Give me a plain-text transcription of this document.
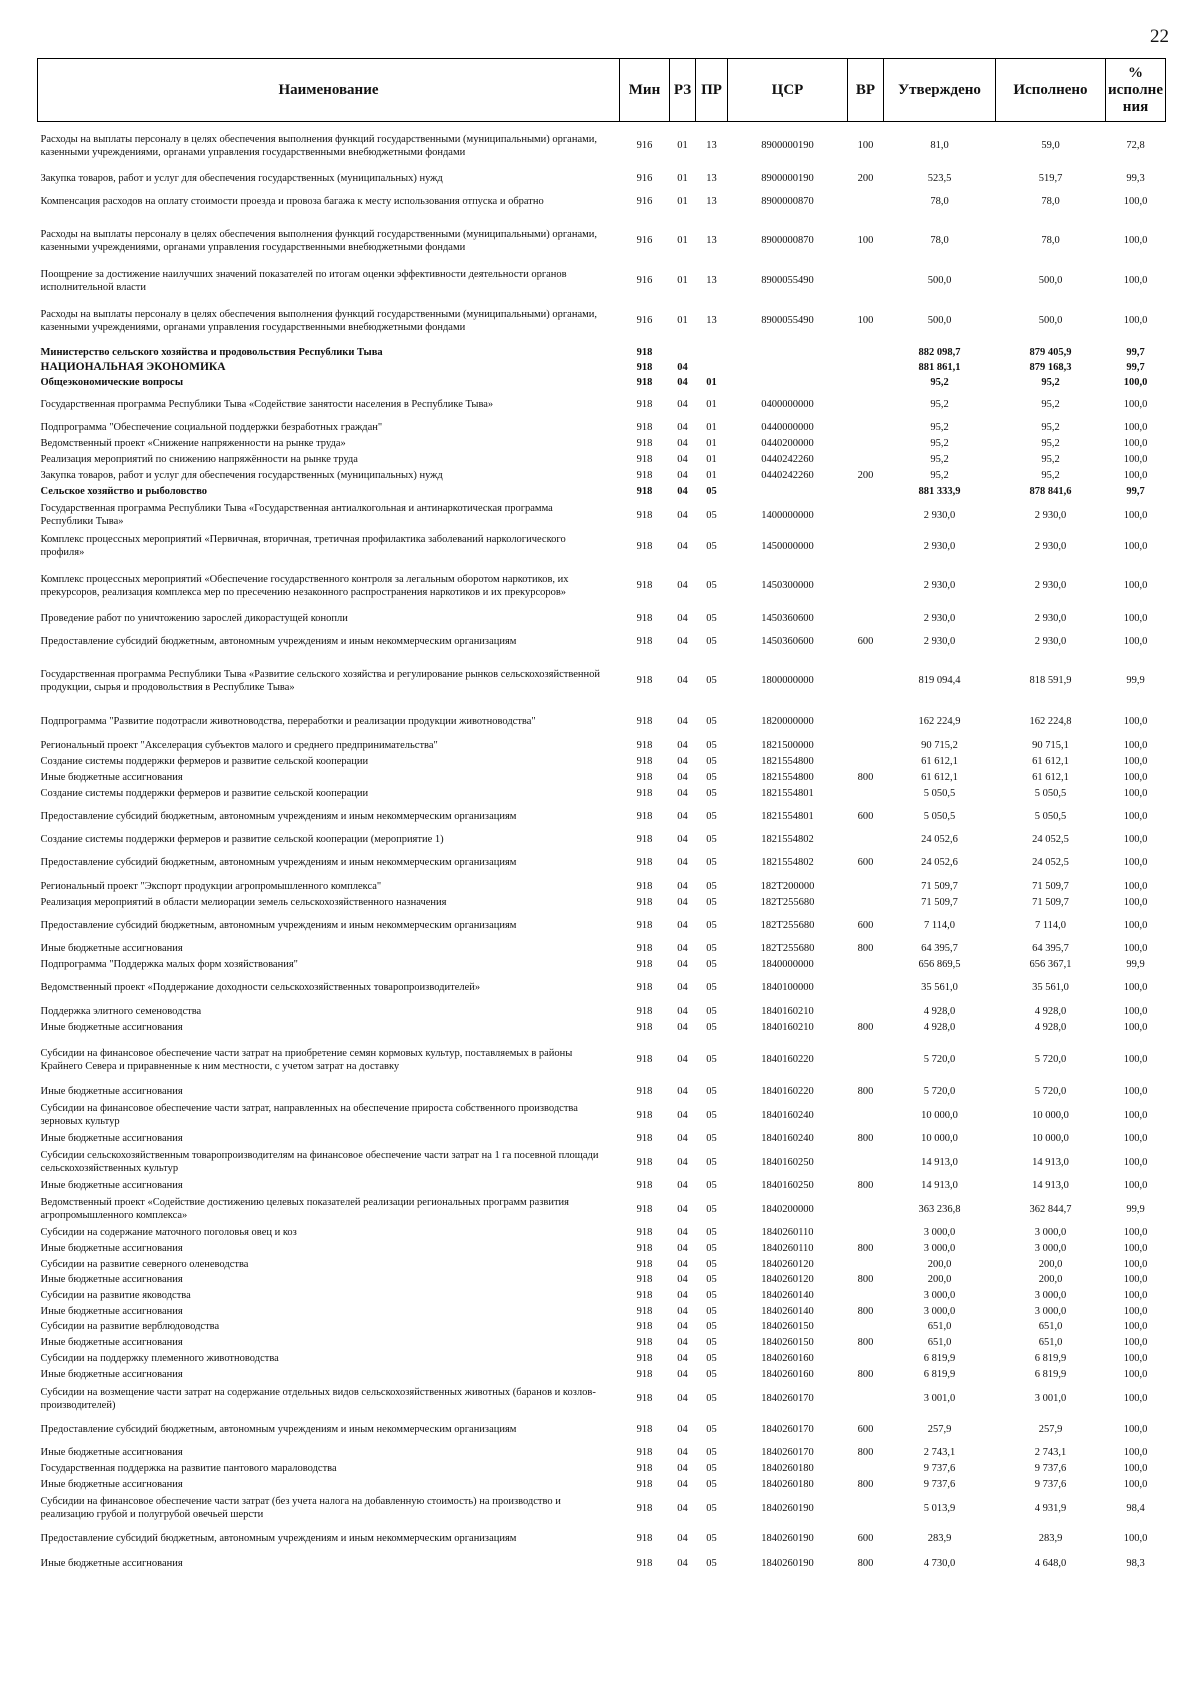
22
Наименование	Мин	РЗ	ПР	ЦСР	ВР	Утверждено	Исполнено	% исполне ния
Расходы на выплаты персоналу в целях обеспечения выполнения функций государственными (муниципальными) органами, казенными учреждениями, органами управления государственными внебюджетными фондами	916	01	13	8900000190	100	81,0	59,0	72,8
Закупка товаров, работ и услуг для обеспечения государственных (муниципальных) нужд	916	01	13	8900000190	200	523,5	519,7	99,3
Компенсация расходов на оплату стоимости проезда и провоза багажа к месту использования отпуска и обратно	916	01	13	8900000870		78,0	78,0	100,0
Расходы на выплаты персоналу в целях обеспечения выполнения функций государственными (муниципальными) органами, казенными учреждениями, органами управления государственными внебюджетными фондами	916	01	13	8900000870	100	78,0	78,0	100,0
Поощрение за достижение наилучших значений показателей по итогам оценки эффективности деятельности органов исполнительной власти	916	01	13	8900055490		500,0	500,0	100,0
Расходы на выплаты персоналу в целях обеспечения выполнения функций государственными (муниципальными) органами, казенными учреждениями, органами управления государственными внебюджетными фондами	916	01	13	8900055490	100	500,0	500,0	100,0
Министерство сельского хозяйства и продовольствия Республики Тыва	918					882 098,7	879 405,9	99,7
НАЦИОНАЛЬНАЯ ЭКОНОМИКА	918	04				881 861,1	879 168,3	99,7
Общеэкономические вопросы	918	04	01			95,2	95,2	100,0
Государственная программа Республики Тыва «Содействие занятости населения в Республике Тыва»	918	04	01	0400000000		95,2	95,2	100,0
Подпрограмма "Обеспечение социальной поддержки безработных граждан"	918	04	01	0440000000		95,2	95,2	100,0
Ведомственный проект «Снижение напряженности на рынке труда»	918	04	01	0440200000		95,2	95,2	100,0
Реализация мероприятий по снижению напряжённости на рынке труда	918	04	01	0440242260		95,2	95,2	100,0
Закупка товаров, работ и услуг для обеспечения государственных (муниципальных) нужд	918	04	01	0440242260	200	95,2	95,2	100,0
Сельское хозяйство и рыболовство	918	04	05			881 333,9	878 841,6	99,7
Государственная программа Республики Тыва «Государственная антиалкогольная и антинаркотическая программа Республики Тыва»	918	04	05	1400000000		2 930,0	2 930,0	100,0
Комплекс процессных мероприятий «Первичная, вторичная, третичная профилактика заболеваний наркологического профиля»	918	04	05	1450000000		2 930,0	2 930,0	100,0
Комплекс процессных мероприятий «Обеспечение государственного контроля за легальным оборотом наркотиков, их прекурсоров, реализация комплекса мер по пресечению незаконного распространения наркотиков и их прекурсоров»	918	04	05	1450300000		2 930,0	2 930,0	100,0
Проведение работ по уничтожению зарослей дикорастущей конопли	918	04	05	1450360600		2 930,0	2 930,0	100,0
Предоставление субсидий бюджетным, автономным учреждениям и иным некоммерческим организациям	918	04	05	1450360600	600	2 930,0	2 930,0	100,0
Государственная программа Республики Тыва «Развитие сельского хозяйства и регулирование рынков сельскохозяйственной продукции, сырья и продовольствия в Республике Тыва»	918	04	05	1800000000		819 094,4	818 591,9	99,9
Подпрограмма "Развитие подотрасли животноводства, переработки и реализации продукции животноводства"	918	04	05	1820000000		162 224,9	162 224,8	100,0
Региональный проект "Акселерация субъектов малого и среднего предпринимательства"	918	04	05	1821500000		90 715,2	90 715,1	100,0
Создание системы поддержки фермеров и развитие сельской кооперации	918	04	05	1821554800		61 612,1	61 612,1	100,0
Иные бюджетные ассигнования	918	04	05	1821554800	800	61 612,1	61 612,1	100,0
Создание системы поддержки фермеров и развитие сельской кооперации	918	04	05	1821554801		5 050,5	5 050,5	100,0
Предоставление субсидий бюджетным, автономным учреждениям и иным некоммерческим организациям	918	04	05	1821554801	600	5 050,5	5 050,5	100,0
Создание системы поддержки фермеров и развитие сельской кооперации (мероприятие 1)	918	04	05	1821554802		24 052,6	24 052,5	100,0
Предоставление субсидий бюджетным, автономным учреждениям и иным некоммерческим организациям	918	04	05	1821554802	600	24 052,6	24 052,5	100,0
Региональный проект "Экспорт продукции агропромышленного комплекса"	918	04	05	182T200000		71 509,7	71 509,7	100,0
Реализация мероприятий в области мелиорации земель сельскохозяйственного назначения	918	04	05	182T255680		71 509,7	71 509,7	100,0
Предоставление субсидий бюджетным, автономным учреждениям и иным некоммерческим организациям	918	04	05	182T255680	600	7 114,0	7 114,0	100,0
Иные бюджетные ассигнования	918	04	05	182T255680	800	64 395,7	64 395,7	100,0
Подпрограмма "Поддержка малых форм хозяйствования"	918	04	05	1840000000		656 869,5	656 367,1	99,9
Ведомственный проект «Поддержание доходности сельскохозяйственных товаропроизводителей»	918	04	05	1840100000		35 561,0	35 561,0	100,0
Поддержка элитного семеноводства	918	04	05	1840160210		4 928,0	4 928,0	100,0
Иные бюджетные ассигнования	918	04	05	1840160210	800	4 928,0	4 928,0	100,0
Субсидии на финансовое обеспечение части затрат на приобретение семян кормовых культур, поставляемых в районы Крайнего Севера и приравненные к ним местности, с учетом затрат на доставку	918	04	05	1840160220		5 720,0	5 720,0	100,0
Иные бюджетные ассигнования	918	04	05	1840160220	800	5 720,0	5 720,0	100,0
Субсидии на финансовое обеспечение части затрат, направленных на обеспечение прироста собственного производства зерновых культур	918	04	05	1840160240		10 000,0	10 000,0	100,0
Иные бюджетные ассигнования	918	04	05	1840160240	800	10 000,0	10 000,0	100,0
Субсидии сельскохозяйственным товаропроизводителям на финансовое обеспечение части затрат на 1 га посевной площади сельскохозяйственных культур	918	04	05	1840160250		14 913,0	14 913,0	100,0
Иные бюджетные ассигнования	918	04	05	1840160250	800	14 913,0	14 913,0	100,0
Ведомственный проект «Содействие достижению целевых показателей реализации региональных программ развития агропромышленного комплекса»	918	04	05	1840200000		363 236,8	362 844,7	99,9
Субсидии на содержание маточного поголовья овец и коз	918	04	05	1840260110		3 000,0	3 000,0	100,0
Иные бюджетные ассигнования	918	04	05	1840260110	800	3 000,0	3 000,0	100,0
Субсидии на развитие северного оленеводства	918	04	05	1840260120		200,0	200,0	100,0
Иные бюджетные ассигнования	918	04	05	1840260120	800	200,0	200,0	100,0
Субсидии на развитие яководства	918	04	05	1840260140		3 000,0	3 000,0	100,0
Иные бюджетные ассигнования	918	04	05	1840260140	800	3 000,0	3 000,0	100,0
Субсидии на развитие верблюдоводства	918	04	05	1840260150		651,0	651,0	100,0
Иные бюджетные ассигнования	918	04	05	1840260150	800	651,0	651,0	100,0
Субсидии на поддержку племенного животноводства	918	04	05	1840260160		6 819,9	6 819,9	100,0
Иные бюджетные ассигнования	918	04	05	1840260160	800	6 819,9	6 819,9	100,0
Субсидии на возмещение части затрат на содержание отдельных видов сельскохозяйственных животных (баранов и козлов-производителей)	918	04	05	1840260170		3 001,0	3 001,0	100,0
Предоставление субсидий бюджетным, автономным учреждениям и иным некоммерческим организациям	918	04	05	1840260170	600	257,9	257,9	100,0
Иные бюджетные ассигнования	918	04	05	1840260170	800	2 743,1	2 743,1	100,0
Государственная поддержка на развитие пантового мараловодства	918	04	05	1840260180		9 737,6	9 737,6	100,0
Иные бюджетные ассигнования	918	04	05	1840260180	800	9 737,6	9 737,6	100,0
Субсидии на финансовое обеспечение части затрат (без учета налога на добавленную стоимость) на производство и реализацию грубой и полугрубой овечьей шерсти	918	04	05	1840260190		5 013,9	4 931,9	98,4
Предоставление субсидий бюджетным, автономным учреждениям и иным некоммерческим организациям	918	04	05	1840260190	600	283,9	283,9	100,0
Иные бюджетные ассигнования	918	04	05	1840260190	800	4 730,0	4 648,0	98,3
